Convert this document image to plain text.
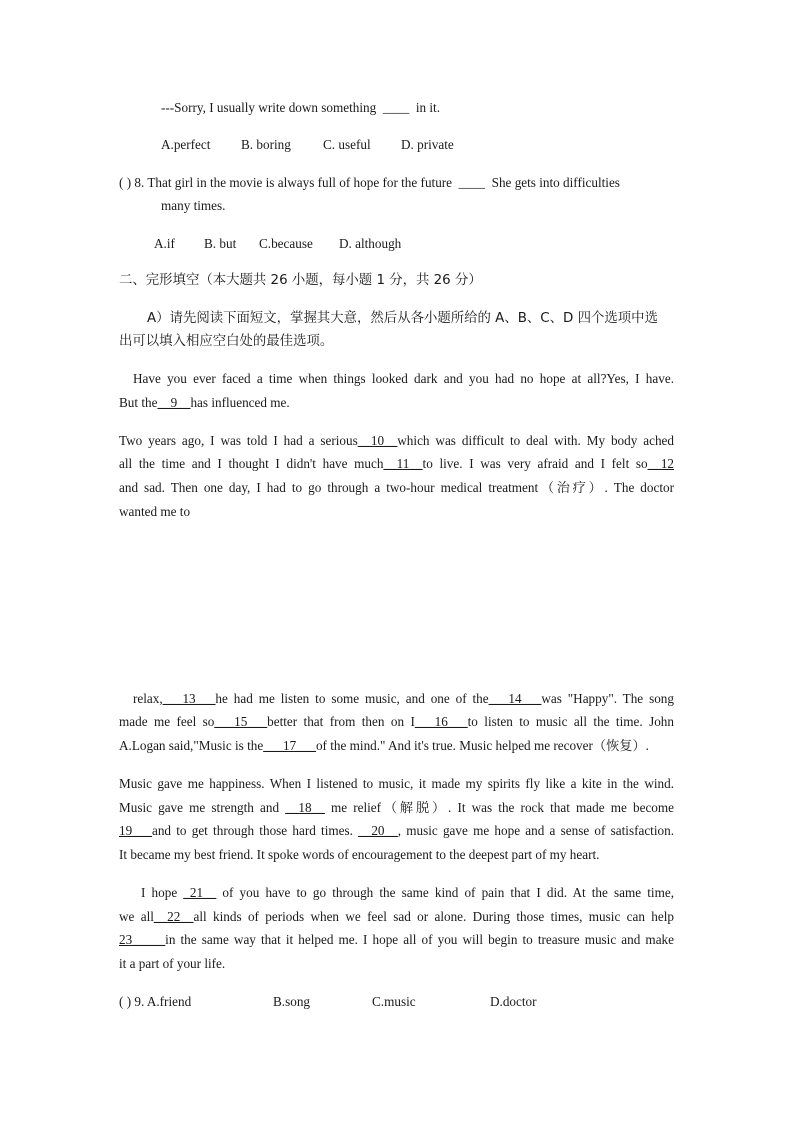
---Sorry, I usually write down something ____ in it.
A.perfect B. boring C. useful D. private
( ) 8. That girl in the movie is always full of hope for the future ____ She gets into difficulties
many times.
A.if B. but C.because D. although
二、完形填空（本大题共 26 小题，每小题 1 分，共 26 分）
A）请先阅读下面短文，掌握其大意，然后从各小题所给的 A、B、C、D 四个选项中选
出可以填入相应空白处的最佳选项。
Have you ever faced a time when things looked dark and you had no hope at all?Yes, I have.
But the__9__has influenced me.
Two years ago, I was told I had a serious__10__which was difficult to deal with. My body ached
all the time and I thought I didn't have much__11__to live. I was very afraid and I felt so__12
and sad. Then one day, I had to go through a two-hour medical treatment（治疗）. The doctor
wanted me to
relax,___13___he had me listen to some music, and one of the___14___was "Happy". The song
made me feel so___15___better that from then on I___16___to listen to music all the time. John
A.Logan said,"Music is the___17___of the mind." And it's true. Music helped me recover（恢复）.
Music gave me happiness. When I listened to music, it made my spirits fly like a kite in the wind.
Music gave me strength and __18__ me relief（解脱）. It was the rock that made me become
19___and to get through those hard times. __20__, music gave me hope and a sense of satisfaction.
It became my best friend. It spoke words of encouragement to the deepest part of my heart.
I hope _21__ of you have to go through the same kind of pain that I did. At the same time,
we all__22__all kinds of periods when we feel sad or alone. During those times, music can help
23_____in the same way that it helped me. I hope all of you will begin to treasure music and make
it a part of your life.
( ) 9. A.friend	B.song	C.music	D.doctor
